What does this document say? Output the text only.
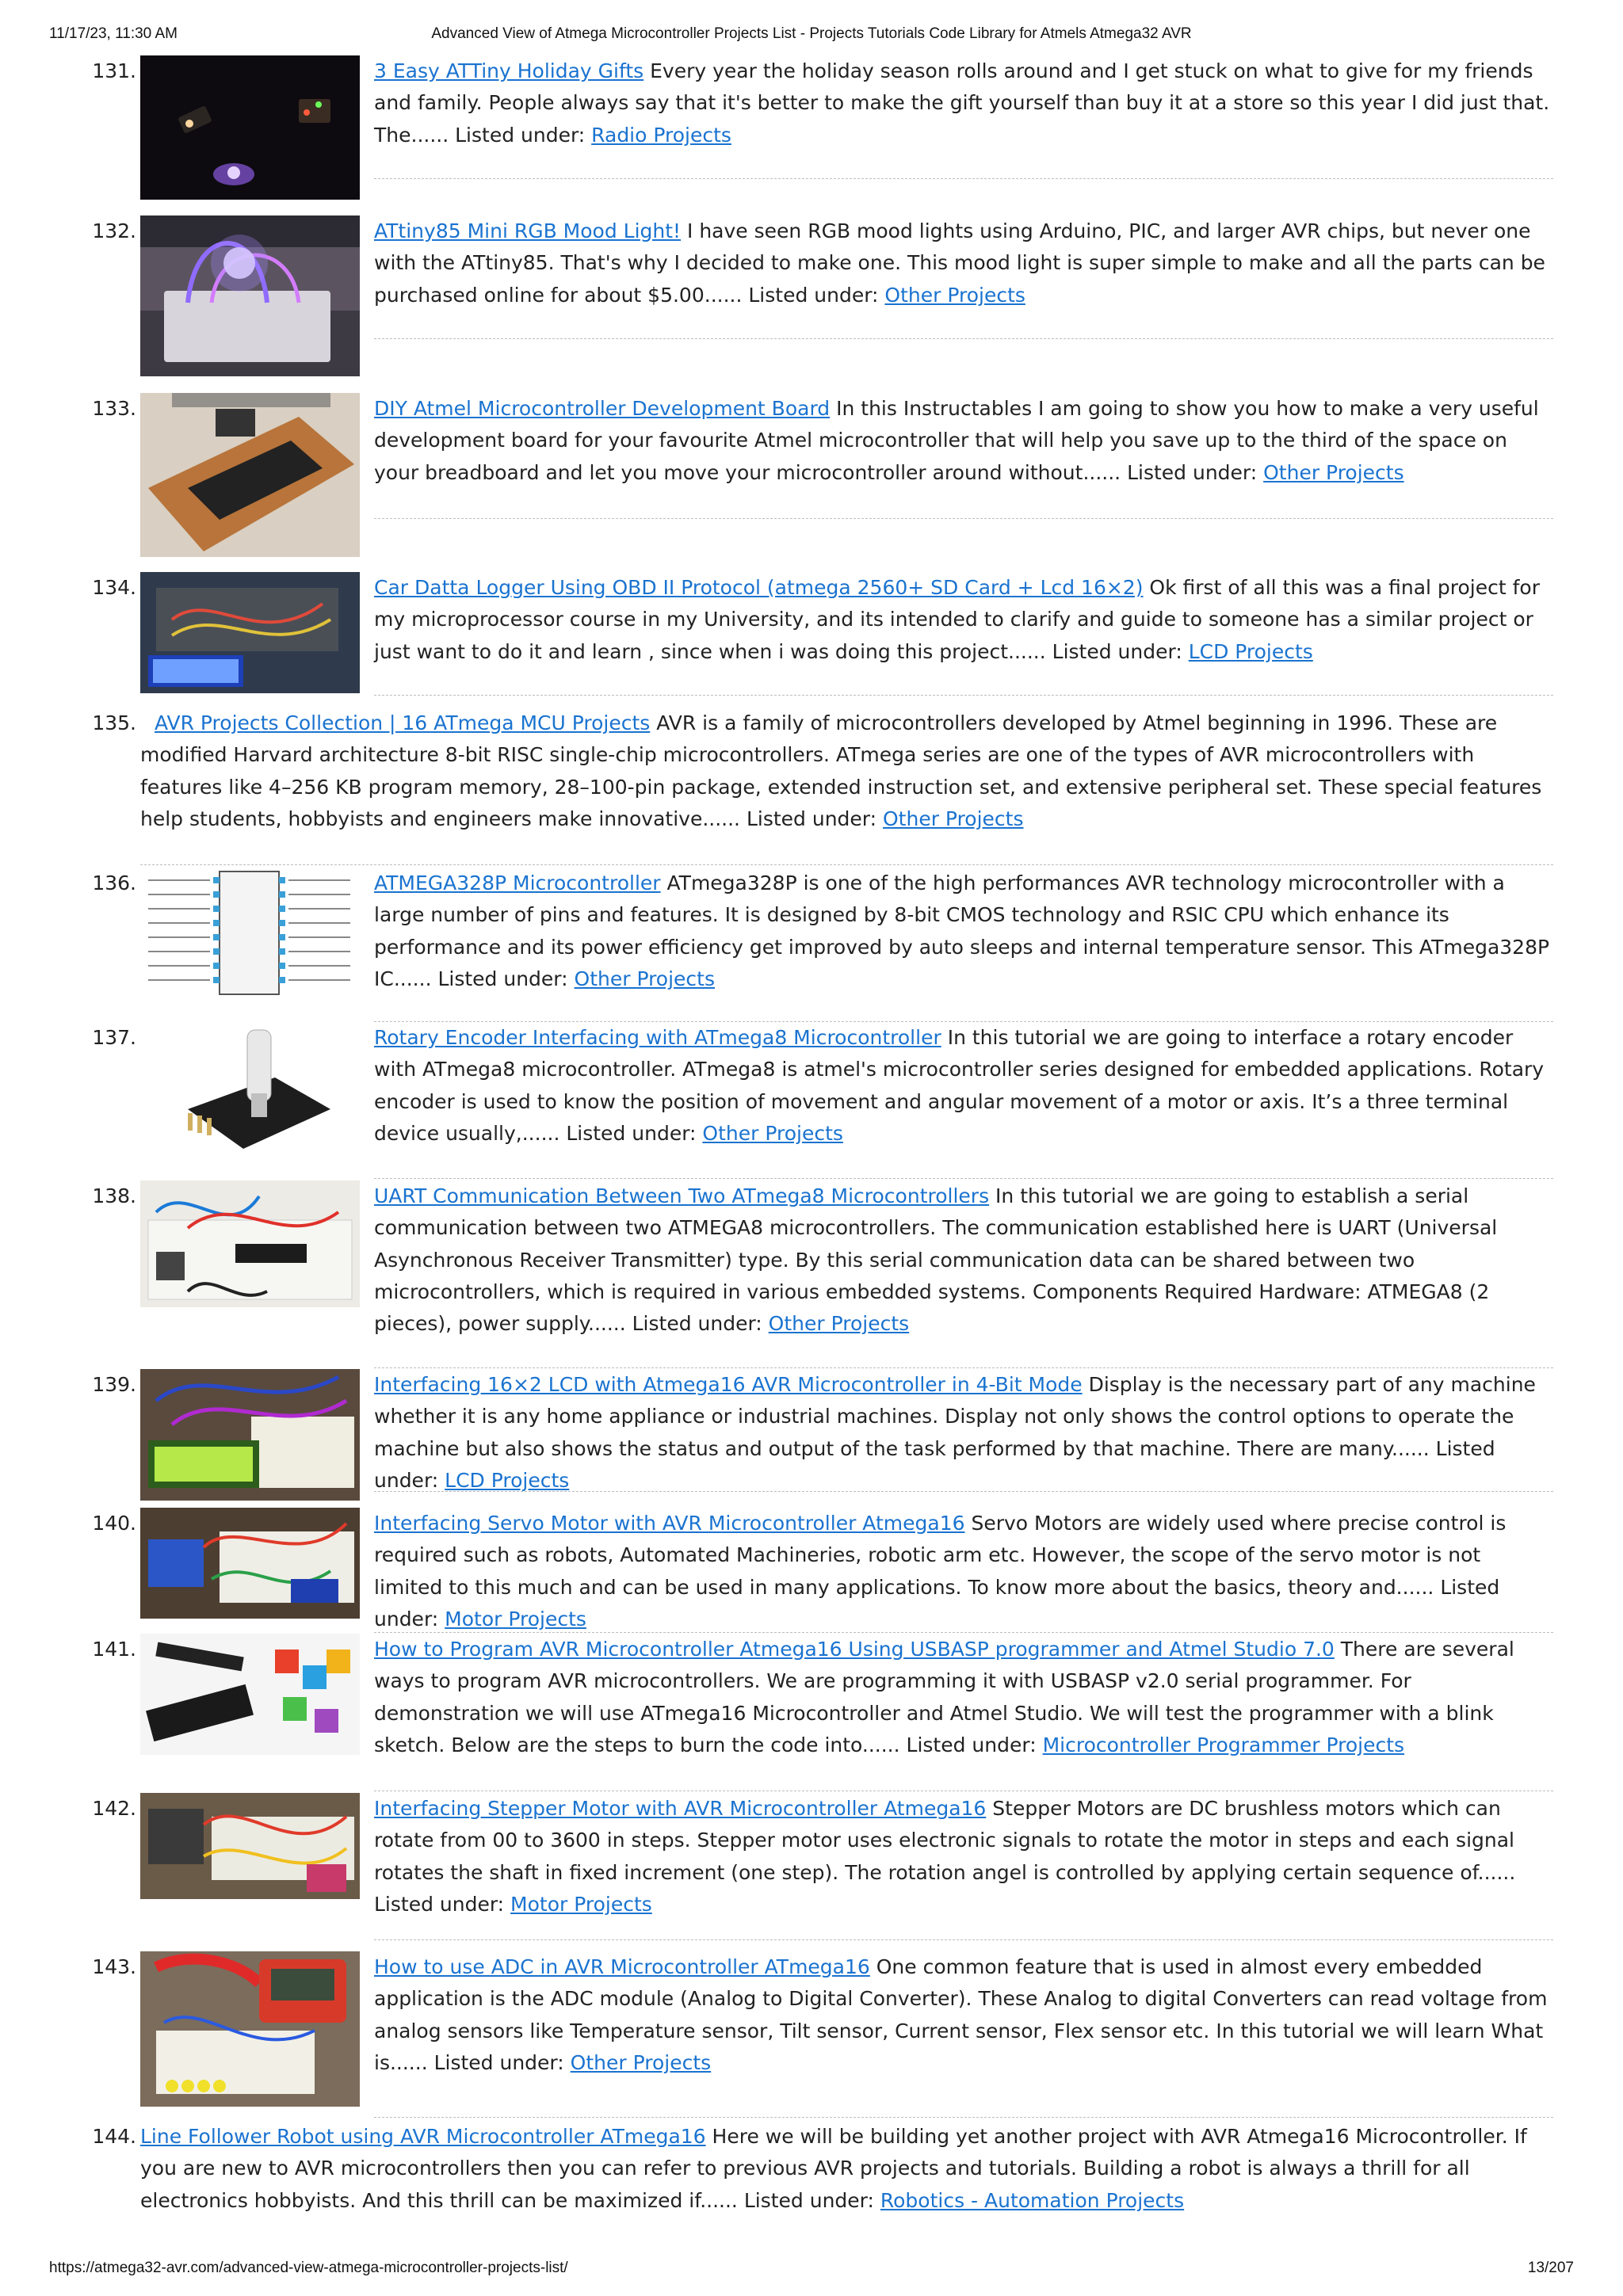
11/17/23, 11:30 AM	Advanced View of Atmega Microcontroller Projects List - Projects Tutorials Code Library for Atmels Atmega32 AVR
131.	3 Easy ATTiny Holiday Gifts Every year the holiday season rolls around and I get stuck on what to give for my friends and family. People always say that it's better to make the gift yourself than buy it at a store so this year I did just that. The...... Listed under: Radio Projects
132.	ATtiny85 Mini RGB Mood Light! I have seen RGB mood lights using Arduino, PIC, and larger AVR chips, but never one with the ATtiny85. That's why I decided to make one. This mood light is super simple to make and all the parts can be purchased online for about $5.00...... Listed under: Other Projects
133.	DIY Atmel Microcontroller Development Board In this Instructables I am going to show you how to make a very useful development board for your favourite Atmel microcontroller that will help you save up to the third of the space on your breadboard and let you move your microcontroller around without...... Listed under: Other Projects
134.	Car Datta Logger Using OBD II Protocol (atmega 2560+ SD Card + Lcd 16×2) Ok first of all this was a final project for my microprocessor course in my University, and its intended to clarify and guide to someone has a similar project or just want to do it and learn , since when i was doing this project...... Listed under: LCD Projects
135. AVR Projects Collection | 16 ATmega MCU Projects AVR is a family of microcontrollers developed by Atmel beginning in 1996. These are modified Harvard architecture 8-bit RISC single-chip microcontrollers. ATmega series are one of the types of AVR microcontrollers with features like 4–256 KB program memory, 28–100-pin package, extended instruction set, and extensive peripheral set. These special features help students, hobbyists and engineers make innovative...... Listed under: Other Projects
136.	ATMEGA328P Microcontroller ATmega328P is one of the high performances AVR technology microcontroller with a large number of pins and features. It is designed by 8-bit CMOS technology and RSIC CPU which enhance its performance and its power efficiency get improved by auto sleeps and internal temperature sensor. This ATmega328P IC...... Listed under: Other Projects
137.	Rotary Encoder Interfacing with ATmega8 Microcontroller In this tutorial we are going to interface a rotary encoder with ATmega8 microcontroller. ATmega8 is atmel's microcontroller series designed for embedded applications. Rotary encoder is used to know the position of movement and angular movement of a motor or axis. It’s a three terminal device usually,...... Listed under: Other Projects
138.	UART Communication Between Two ATmega8 Microcontrollers In this tutorial we are going to establish a serial communication between two ATMEGA8 microcontrollers. The communication established here is UART (Universal Asynchronous Receiver Transmitter) type. By this serial communication data can be shared between two microcontrollers, which is required in various embedded systems. Components Required Hardware: ATMEGA8 (2 pieces), power supply...... Listed under: Other Projects
139.	Interfacing 16×2 LCD with Atmega16 AVR Microcontroller in 4-Bit Mode Display is the necessary part of any machine whether it is any home appliance or industrial machines. Display not only shows the control options to operate the machine but also shows the status and output of the task performed by that machine. There are many...... Listed under: LCD Projects
140.	Interfacing Servo Motor with AVR Microcontroller Atmega16 Servo Motors are widely used where precise control is required such as robots, Automated Machineries, robotic arm etc. However, the scope of the servo motor is not limited to this much and can be used in many applications. To know more about the basics, theory and...... Listed under: Motor Projects
141.	How to Program AVR Microcontroller Atmega16 Using USBASP programmer and Atmel Studio 7.0 There are several ways to program AVR microcontrollers. We are programming it with USBASP v2.0 serial programmer. For demonstration we will use ATmega16 Microcontroller and Atmel Studio. We will test the programmer with a blink sketch. Below are the steps to burn the code into...... Listed under: Microcontroller Programmer Projects
142.	Interfacing Stepper Motor with AVR Microcontroller Atmega16 Stepper Motors are DC brushless motors which can rotate from 00 to 3600 in steps. Stepper motor uses electronic signals to rotate the motor in steps and each signal rotates the shaft in fixed increment (one step). The rotation angel is controlled by applying certain sequence of...... Listed under: Motor Projects
143.	How to use ADC in AVR Microcontroller ATmega16 One common feature that is used in almost every embedded application is the ADC module (Analog to Digital Converter). These Analog to digital Converters can read voltage from analog sensors like Temperature sensor, Tilt sensor, Current sensor, Flex sensor etc. In this tutorial we will learn What is...... Listed under: Other Projects
144. Line Follower Robot using AVR Microcontroller ATmega16 Here we will be building yet another project with AVR Atmega16 Microcontroller. If you are new to AVR microcontrollers then you can refer to previous AVR projects and tutorials. Building a robot is always a thrill for all electronics hobbyists. And this thrill can be maximized if...... Listed under: Robotics - Automation Projects
https://atmega32-avr.com/advanced-view-atmega-microcontroller-projects-list/	13/207
